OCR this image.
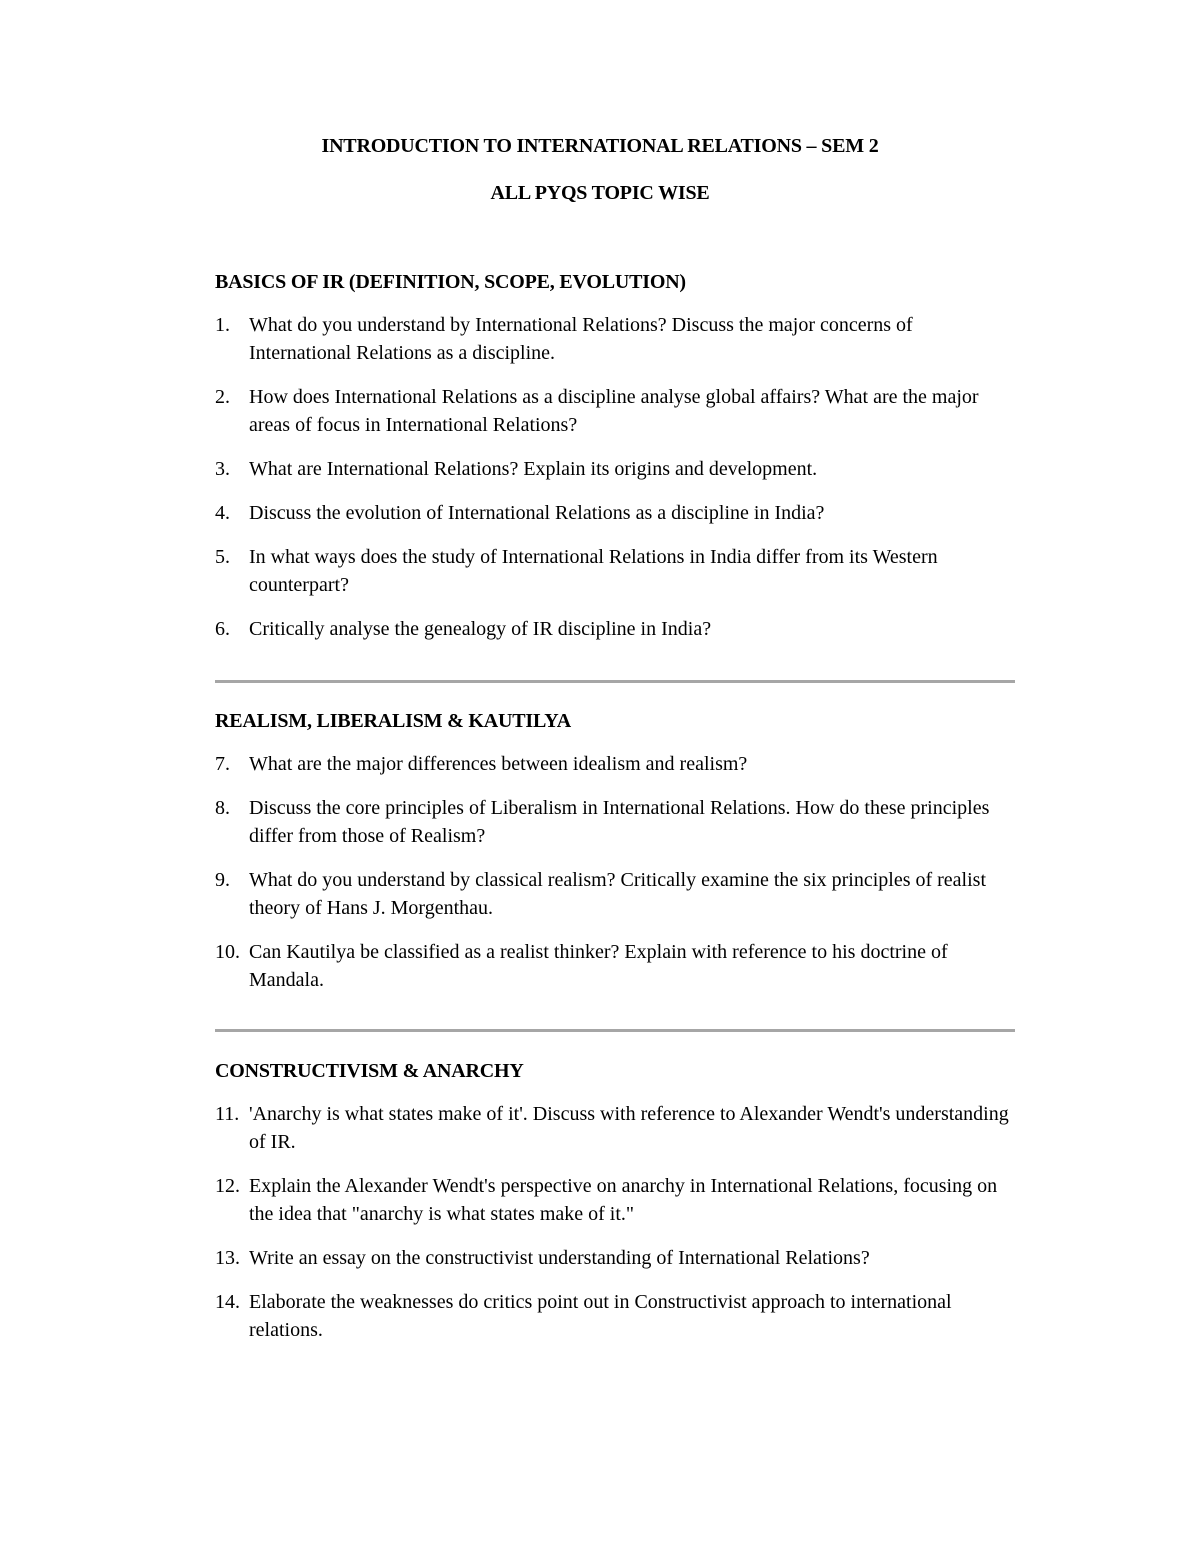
INTRODUCTION TO INTERNATIONAL RELATIONS – SEM 2
ALL PYQS TOPIC WISE
BASICS OF IR (DEFINITION, SCOPE, EVOLUTION)
1. What do you understand by International Relations? Discuss the major concerns of International Relations as a discipline.
2. How does International Relations as a discipline analyse global affairs? What are the major areas of focus in International Relations?
3. What are International Relations? Explain its origins and development.
4. Discuss the evolution of International Relations as a discipline in India?
5. In what ways does the study of International Relations in India differ from its Western counterpart?
6. Critically analyse the genealogy of IR discipline in India?
REALISM, LIBERALISM & KAUTILYA
7. What are the major differences between idealism and realism?
8. Discuss the core principles of Liberalism in International Relations. How do these principles differ from those of Realism?
9. What do you understand by classical realism? Critically examine the six principles of realist theory of Hans J. Morgenthau.
10. Can Kautilya be classified as a realist thinker? Explain with reference to his doctrine of Mandala.
CONSTRUCTIVISM & ANARCHY
11. 'Anarchy is what states make of it'. Discuss with reference to Alexander Wendt's understanding of IR.
12. Explain the Alexander Wendt's perspective on anarchy in International Relations, focusing on the idea that "anarchy is what states make of it."
13. Write an essay on the constructivist understanding of International Relations?
14. Elaborate the weaknesses do critics point out in Constructivist approach to international relations.
